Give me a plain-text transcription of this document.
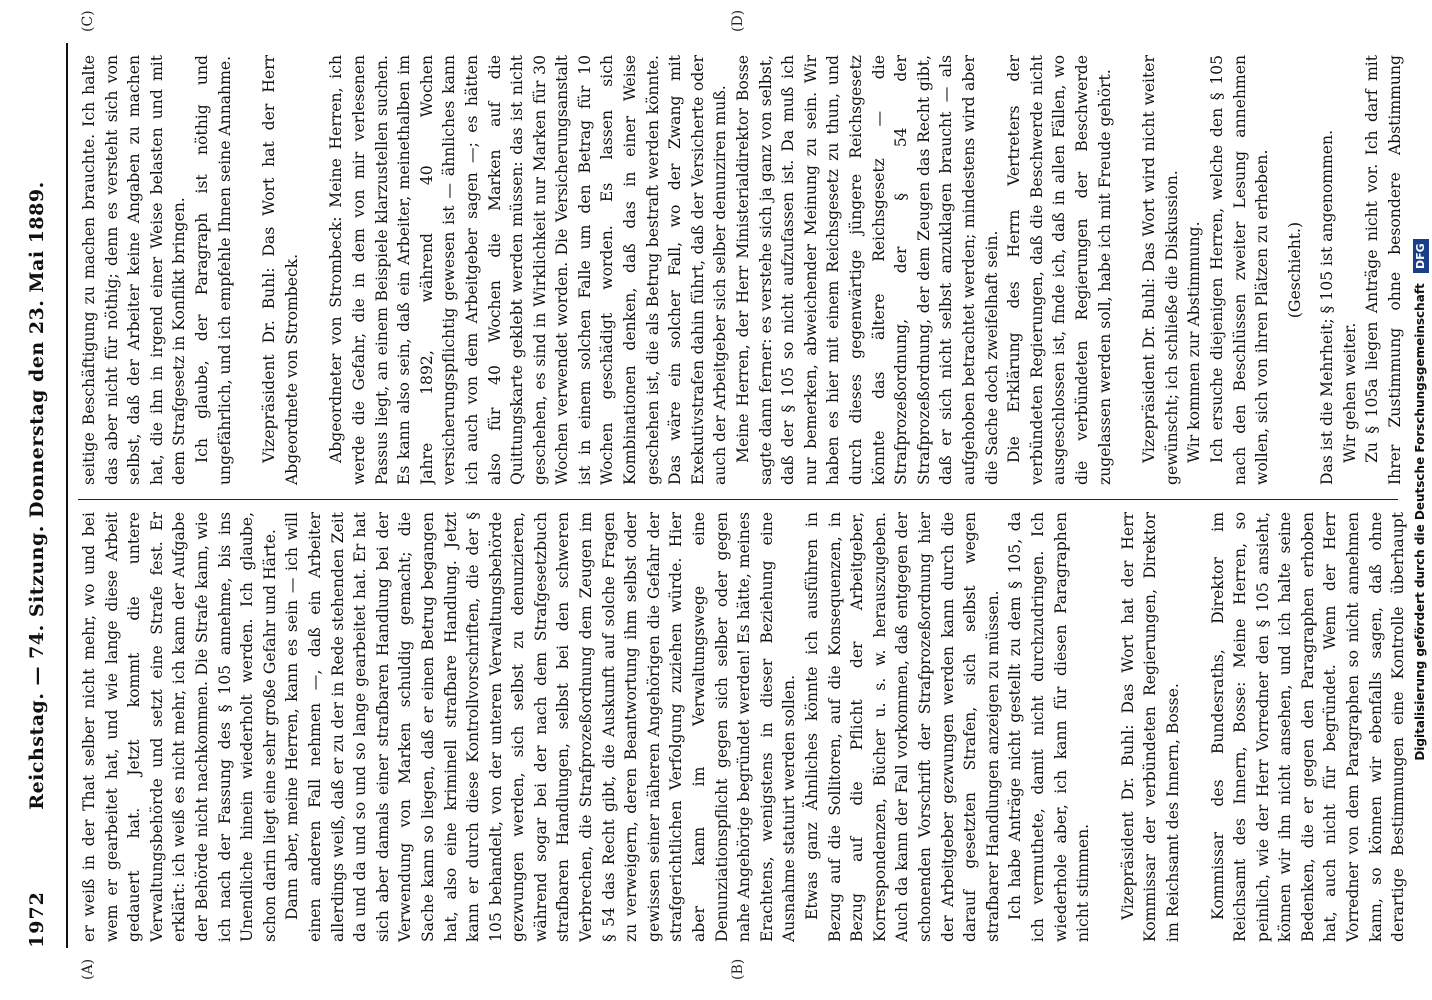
1972
Reichstag. — 74. Sitzung. Donnerstag den 23. Mai 1889.
(A)	(B)
(C)	(D)

er weiß in der That selber nicht mehr, wo und bei wem er gearbeitet hat, und wie lange diese Arbeit gedauert hat. Jetzt kommt die untere Verwaltungsbehörde und setzt eine Strafe fest. Er erklärt: ich weiß es nicht mehr, ich kann der Aufgabe der Behörde nicht nachkommen. Die Strafe kann, wie ich nach der Fassung des § 105 annehme, bis ins Unendliche hinein wiederholt werden. Ich glaube, schon darin liegt eine sehr große Gefahr und Härte. Dann aber, meine Herren, kann es sein — ich will einen anderen Fall nehmen —, daß ein Arbeiter allerdings weiß, daß er zu der in Rede stehenden Zeit da und da und so und so lange gearbeitet hat. Er hat sich aber damals einer strafbaren Handlung bei der Verwendung von Marken schuldig gemacht; die Sache kann so liegen, daß er einen Betrug begangen hat, also eine kriminell strafbare Handlung. Jetzt kann er durch diese Kontrollvorschriften, die der § 105 behandelt, von der unteren Verwaltungsbehörde gezwungen werden, sich selbst zu denunzieren, während sogar bei der nach dem Strafgesetzbuch strafbaren Handlungen, selbst bei den schweren Verbrechen, die Strafprozeßordnung dem Zeugen im § 54 das Recht gibt, die Auskunft auf solche Fragen zu verweigern, deren Beantwortung ihm selbst oder gewissen seiner näheren Angehörigen die Gefahr der strafgerichtlichen Verfolgung zuziehen würde. Hier aber kann im Verwaltungswege eine Denunziationspflicht gegen sich selber oder gegen nahe Angehörige begründet werden! Es hätte, meines Erachtens, wenigstens in dieser Beziehung eine Ausnahme statuirt werden sollen. Etwas ganz Ähnliches könnte ich ausführen in Bezug auf die Sollitoren, auf die Konsequenzen, in Bezug auf die Pflicht der Arbeitgeber, Korrespondenzen, Bücher u. s. w. herauszugeben. Auch da kann der Fall vorkommen, daß entgegen der schonenden Vorschrift der Strafprozeßordnung hier der Arbeitgeber gezwungen werden kann durch die darauf gesetzten Strafen, sich selbst wegen strafbarer Handlungen anzeigen zu müssen. Ich habe Anträge nicht gestellt zu dem § 105, da ich vermuthete, damit nicht durchzudringen. Ich wiederhole aber, ich kann für diesen Paragraphen nicht stimmen. Vizepräsident Dr. Buhl: Das Wort hat der Herr Kommissar der verbündeten Regierungen, Direktor im Reichsamt des Innern, Bosse. Kommissar des Bundesraths, Direktor im Reichsamt des Innern, Bosse: Meine Herren, so peinlich, wie der Herr Vorredner den § 105 ansieht, können wir ihn nicht ansehen, und ich halte seine Bedenken, die er gegen den Paragraphen erhoben hat, auch nicht für begründet. Wenn der Herr Vorredner von dem Paragraphen so nicht annehmen kann, so können wir ebenfalls sagen, daß ohne derartige Bestimmungen eine Kontrolle überhaupt

seitige Beschäftigung zu machen brauchte. Ich halte das aber nicht für nöthig; denn es versteht sich von selbst, daß der Arbeiter keine Angaben zu machen hat, die ihn in irgend einer Weise belasten und mit dem Strafgesetz in Konflikt bringen. Ich glaube, der Paragraph ist nöthig und ungefährlich, und ich empfehle Ihnen seine Annahme. Vizepräsident Dr. Buhl: Das Wort hat der Herr Abgeordnete von Strombeck. Abgeordneter von Strombeck: Meine Herren, ich werde die Gefahr, die in dem von mir verlesenen Passus liegt, an einem Beispiele klarzustellen suchen. Es kann also sein, daß ein Arbeiter, meinethalben im Jahre 1892, während 40 Wochen versicherungspflichtig gewesen ist — ähnliches kann ich auch von dem Arbeitgeber sagen —; es hätten also für 40 Wochen die Marken auf die Quittungskarte geklebt werden müssen: das ist nicht geschehen, es sind in Wirklichkeit nur Marken für 30 Wochen verwendet worden. Die Versicherungsanstalt ist in einem solchen Falle um den Betrag für 10 Wochen geschädigt worden. Es lassen sich Kombinationen denken, daß das in einer Weise geschehen ist, die als Betrug bestraft werden könnte. Das wäre ein solcher Fall, wo der Zwang mit Exekutivstrafen dahin führt, daß der Versicherte oder auch der Arbeitgeber sich selber denunziren muß. Meine Herren, der Herr Ministerialdirektor Bosse sagte dann ferner: es verstehe sich ja ganz von selbst, daß der § 105 so nicht aufzufassen ist. Da muß ich nur bemerken, abweichender Meinung zu sein. Wir haben es hier mit einem Reichsgesetz zu thun, und durch dieses gegenwärtige jüngere Reichsgesetz könnte das ältere Reichsgesetz — die Strafprozeßordnung, der § 54 der Strafprozeßordnung, der dem Zeugen das Recht gibt, daß er sich nicht selbst anzuklagen braucht — als aufgehoben betrachtet werden; mindestens wird aber die Sache doch zweifelhaft sein. Die Erklärung des Herrn Vertreters der verbündeten Regierungen, daß die Beschwerde nicht ausgeschlossen ist, finde ich, daß in allen Fällen, wo die verbündeten Regierungen der Beschwerde zugelassen werden soll, habe ich mit Freude gehört. Vizepräsident Dr. Buhl: Das Wort wird nicht weiter gewünscht; ich schließe die Diskussion. Wir kommen zur Abstimmung. Ich ersuche diejenigen Herren, welche den § 105 nach den Beschlüssen zweiter Lesung annehmen wollen, sich von ihren Plätzen zu erheben. (Geschieht.) Das ist die Mehrheit; § 105 ist angenommen. Wir gehen weiter. Zu § 105a liegen Anträge nicht vor. Ich darf mit Ihrer Zustimmung ohne besondere Abstimmung

Digitalisierung gefördert durch die Deutsche Forschungsgemeinschaft DFG
